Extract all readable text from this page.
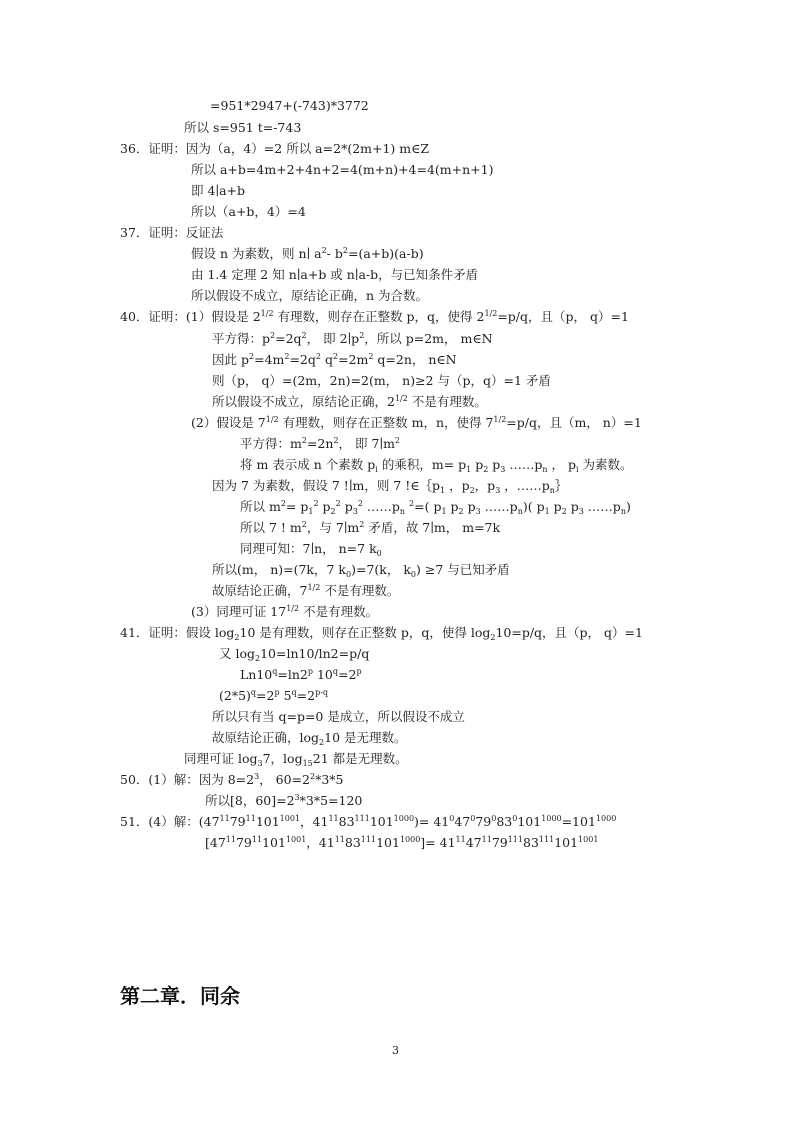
=951*2947+(-743)*3772
所以 s=951 t=-743
36．证明：因为（a，4）=2 所以 a=2*(2m+1) m∈Z
所以 a+b=4m+2+4n+2=4(m+n)+4=4(m+n+1)
即 4∣a+b
所以（a+b，4）=4
37．证明：反证法
假设 n 为素数，则 n∣ $a^2-$ $b^2=(a+b)(a-b)$
由 1.4 定理 2 知 n∣a+b 或 n∣a-b，与已知条件矛盾
所以假设不成立，原结论正确，n 为合数。
40．证明：(1）假设是 $2^{1/2}$ 有理数，则存在正整数 p，q，使得 $2^{1/2}=p/q$，且（p， q）=1
平方得：$p^2=2q^2$， 即 $2∣p^2$，所以 p=2m， m∈N
因此 $p^2=4m^2=2q^2$ $q^2=2m^2$ q=2n， n∈N
则（p， q）=(2m，2n)=2(m， n)≥2 与（p，q）=1 矛盾
所以假设不成立，原结论正确，$2^{1/2}$ 不是有理数。
(2）假设是 $7^{1/2}$ 有理数，则存在正整数 m，n，使得 $7^{1/2}=p/q$，且（m， n）=1
平方得：$m^2=2n^2$， 即 $7∣m^2$
将 m 表示成 n 个素数 $p_i$ 的乘积，$m= p_1$ $p_2$ $p_3$ $\dots\dots p_n$ ， $p_i$ 为素数。
因为 7 为素数，假设 7 !∣m，则 7 $!\in\{p_1$ ，$p_2$，$p_3$ ，$\dots\dots p_n\}$
所以 $m^2= p_1^2$ $p_2^2$ $p_3^2$ $\dots\dots p_n$ $^2$=( $p_1$ $p_2$ $p_3$ $\dots\dots p_n$)( $p_1$ $p_2$ $p_3$ $\dots\dots p_n$)
所以 7 ! $m^2$，与 $7∣m^2$ 矛盾，故 7∣m， m=7k
同理可知：7∣n， n=7 $k_0$
所以(m， n)=(7k，7 $k_0)=7(k$， $k_0) \ge 7$ 与已知矛盾
故原结论正确，$7^{1/2}$ 不是有理数。
(3）同理可证 $17^{1/2}$ 不是有理数。
41．证明：假设 $\log_210$ 是有理数，则存在正整数 p，q，使得 $\log_210=p/q$，且（p， q）=1
又 $\log_210=\ln 10/\ln 2=p/q$
$Ln10^q=\ln 2^p$ $10^q=2^p$
$(2*5)^q=2^p$ $5^q=2^{p-q}$
所以只有当 q=p=0 是成立，所以假设不成立
故原结论正确，$\log_210$ 是无理数。
同理可证 $\log_37$，$\log_{15}21$ 都是无理数。
50．(1）解：因为 $8=2^3$， $60=2^2*3*5$
所以[8，$60]=2^3*3*5=120$
51．(4）解：($47^{11}79^{11}101^{1001}$，$41^{11}83^{111}101^{1000})= 41^047^079^083^0101^{1000}=101^{1000}$
[$47^{11}79^{11}101^{1001}$，$41^{11}83^{111}101^{1000}]= 41^{11}47^{11}79^{111}83^{111}101^{1001}$
第二章．同余
3
